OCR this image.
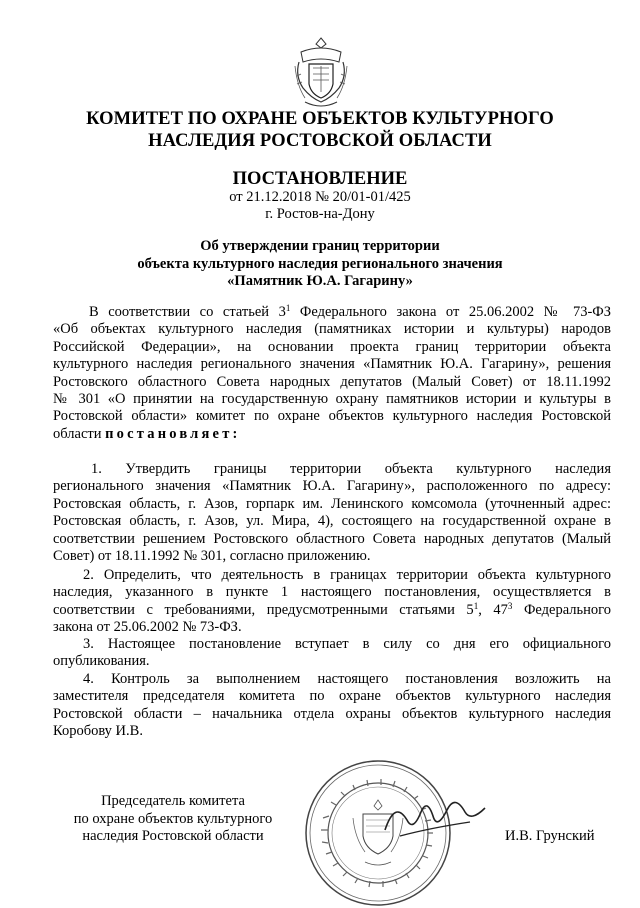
КОМИТЕТ ПО ОХРАНЕ ОБЪЕКТОВ КУЛЬТУРНОГО
НАСЛЕДИЯ РОСТОВСКОЙ ОБЛАСТИ
ПОСТАНОВЛЕНИЕ
от 21.12.2018 № 20/01-01/425
г. Ростов-на-Дону
Об утверждении границ территории
объекта культурного наследия регионального значения
«Памятник Ю.А. Гагарину»
В соответствии со статьей $3^1$ Федерального закона от 25.06.2002 № 73-ФЗ
«Об объектах культурного наследия (памятниках истории и культуры) народов
Российской Федерации», на основании проекта границ территории объекта
культурного наследия регионального значения «Памятник Ю.А. Гагарину», решения
Ростовского областного Совета народных депутатов (Малый Совет) от 18.11.1992
№ 301 «О принятии на государственную охрану памятников истории и культуры в
Ростовской области» комитет по охране объектов культурного наследия Ростовской
области постановляет:
1. Утвердить границы территории объекта культурного наследия
регионального значения «Памятник Ю.А. Гагарину», расположенного по адресу:
Ростовская область, г. Азов, горпарк им. Ленинского комсомола (уточненный адрес:
Ростовская область, г. Азов, ул. Мира, 4), состоящего на государственной охране в
соответствии решением Ростовского областного Совета народных депутатов (Малый
Совет) от 18.11.1992 № 301, согласно приложению.
2. Определить, что деятельность в границах территории объекта культурного
наследия, указанного в пункте 1 настоящего постановления, осуществляется в
соответствии с требованиями, предусмотренными статьями $5^1$, $47^3$ Федерального
закона от 25.06.2002 № 73-ФЗ.
3. Настоящее постановление вступает в силу со дня его официального
опубликования.
4. Контроль за выполнением настоящего постановления возложить на
заместителя председателя комитета по охране объектов культурного наследия
Ростовской области – начальника отдела охраны объектов культурного наследия
Коробову И.В.
Председатель комитета
по охране объектов культурного
наследия Ростовской области	И.В. Грунский
